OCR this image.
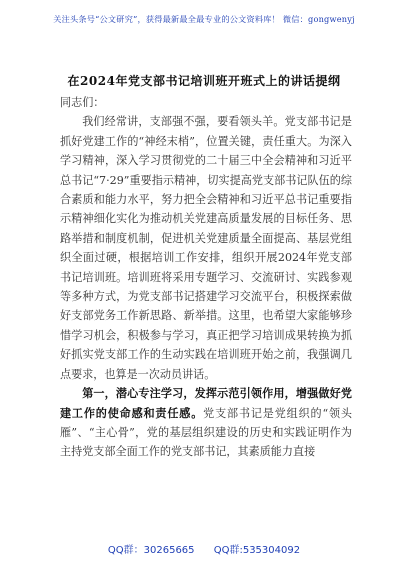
关注头条号“公文研究”，获得最新最全最专业的公文资料库！ 微信：gongwenyj
在2024年党支部书记培训班开班式上的讲话提纲

同志们：

我们经常讲，支部强不强，要看领头羊。党支部书记是抓好党建工作的“神经末梢”，位置关键，责任重大。为深入学习精神，深入学习贯彻党的二十届三中全会精神和习近平总书记“7·29”重要指示精神，切实提高党支部书记队伍的综合素质和能力水平，努力把全会精神和习近平总书记重要指示精神细化实化为推动机关党建高质量发展的目标任务、思路举措和制度机制，促进机关党建质量全面提高、基层党组织全面过硬，根据培训工作安排，组织开展2024年党支部书记培训班。培训班将采用专题学习、交流研讨、实践参观等多种方式，为党支部书记搭建学习交流平台，积极探索做好支部党务工作新思路、新举措。这里，也希望大家能够珍惜学习机会，积极参与学习，真正把学习培训成果转换为抓好抓实党支部工作的生动实践在培训班开始之前，我强调几点要求，也算是一次动员讲话。

第一，潜心专注学习，发挥示范引领作用，增强做好党建工作的使命感和责任感。党支部书记是党组织的“领头雁”、“主心骨”，党的基层组织建设的历史和实践证明作为主持党支部全面工作的党支部书记，其素质能力直接

QQ群：30265665 QQ群:535304092
